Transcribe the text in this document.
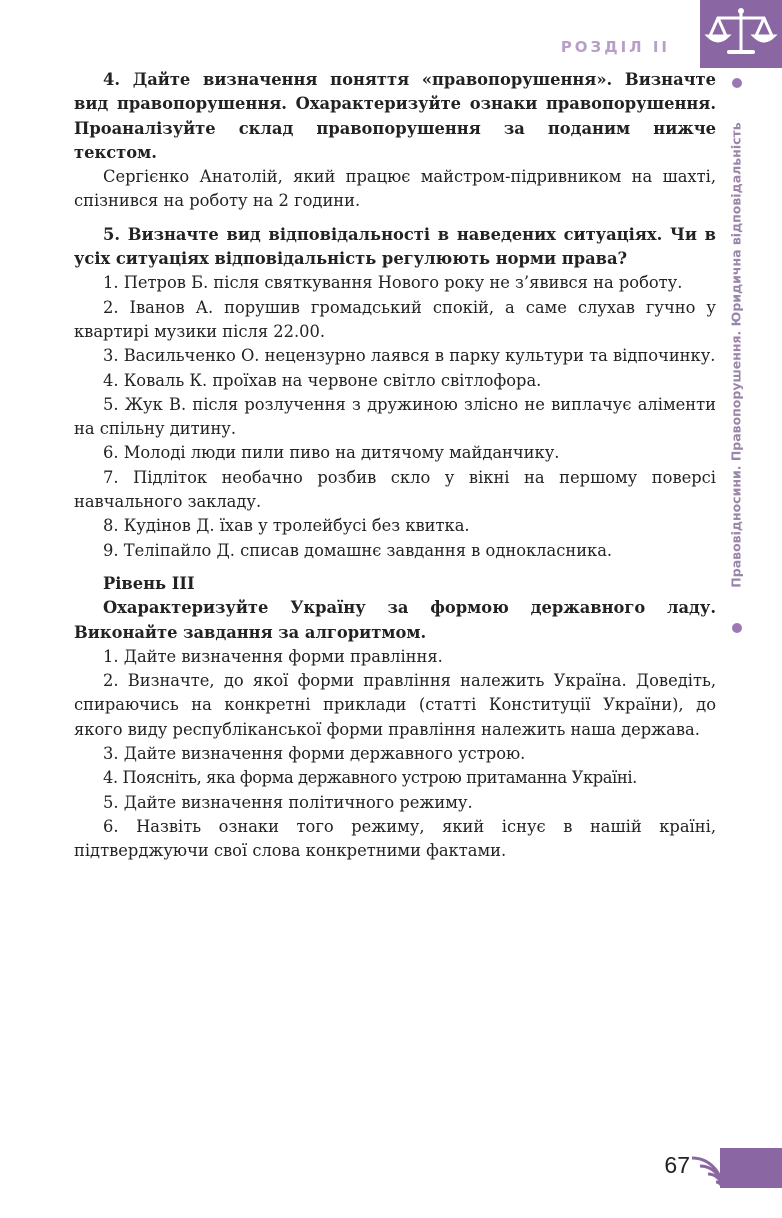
РОЗДІЛ II
Правовідносини. Правопорушення. Юридична відповідальність

4. Дайте визначення поняття «правопорушення». Визначте вид правопорушення. Охарактеризуйте ознаки правопорушення. Проаналізуйте склад правопорушення за поданим нижче текстом.

Сергієнко Анатолій, який працює майстром-підривником на шахті, спізнився на роботу на 2 години.

5. Визначте вид відповідальності в наведених ситуаціях. Чи в усіх ситуаціях відповідальність регулюють норми права?

1. Петров Б. після святкування Нового року не з’явився на роботу.

2. Іванов А. порушив громадський спокій, а саме слухав гучно у квартирі музики після 22.00.

3. Васильченко О. нецензурно лаявся в парку культури та відпочинку.

4. Коваль К. проїхав на червоне світло світлофора.

5. Жук В. після розлучення з дружиною злісно не виплачує аліменти на спільну дитину.

6. Молоді люди пили пиво на дитячому майданчику.

7. Підліток необачно розбив скло у вікні на першому поверсі навчального закладу.

8. Кудінов Д. їхав у тролейбусі без квитка.

9. Теліпайло Д. списав домашнє завдання в однокласника.

Рівень III

Охарактеризуйте Україну за формою державного ладу. Виконайте завдання за алгоритмом.

1. Дайте визначення форми правління.

2. Визначте, до якої форми правління належить Україна. Доведіть, спираючись на конкретні приклади (статті Конституції України), до якого виду республіканської форми правління належить наша держава.

3. Дайте визначення форми державного устрою.

4. Поясніть, яка форма державного устрою притаманна Україні.

5. Дайте визначення політичного режиму.

6. Назвіть ознаки того режиму, який існує в нашій країні, підтверджуючи свої слова конкретними фактами.

67
